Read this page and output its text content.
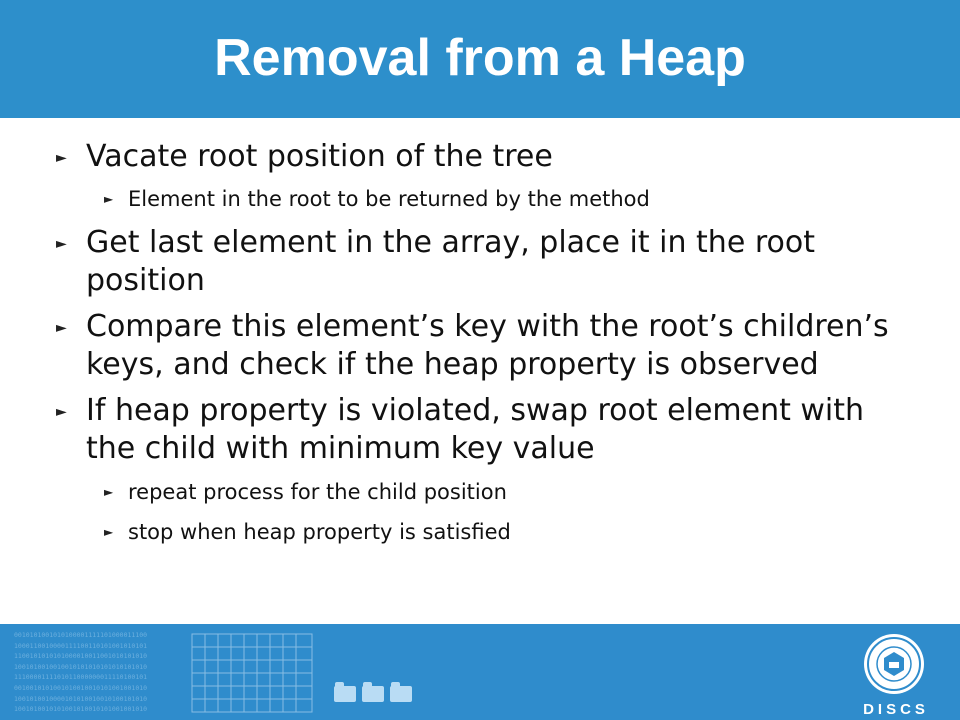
Removal from a Heap
► Vacate root position of the tree
► Element in the root to be returned by the method
► Get last element in the array, place it in the root position
► Compare this element’s key with the root’s children’s keys, and check if the heap property is observed
► If heap property is violated, swap root element with the child with minimum key value
► repeat process for the child position
► stop when heap property is satisfied
0010101001010100001111101000011100
1000110010000111100110101001010101
1100101010101000010011001010101010
1001010010010010101010101010101010
1110000111101011000000011110100101
0010010101001010010010101001001010
1001010010000101010010010100101010
1001010010101001010010101001001010	DISCS
